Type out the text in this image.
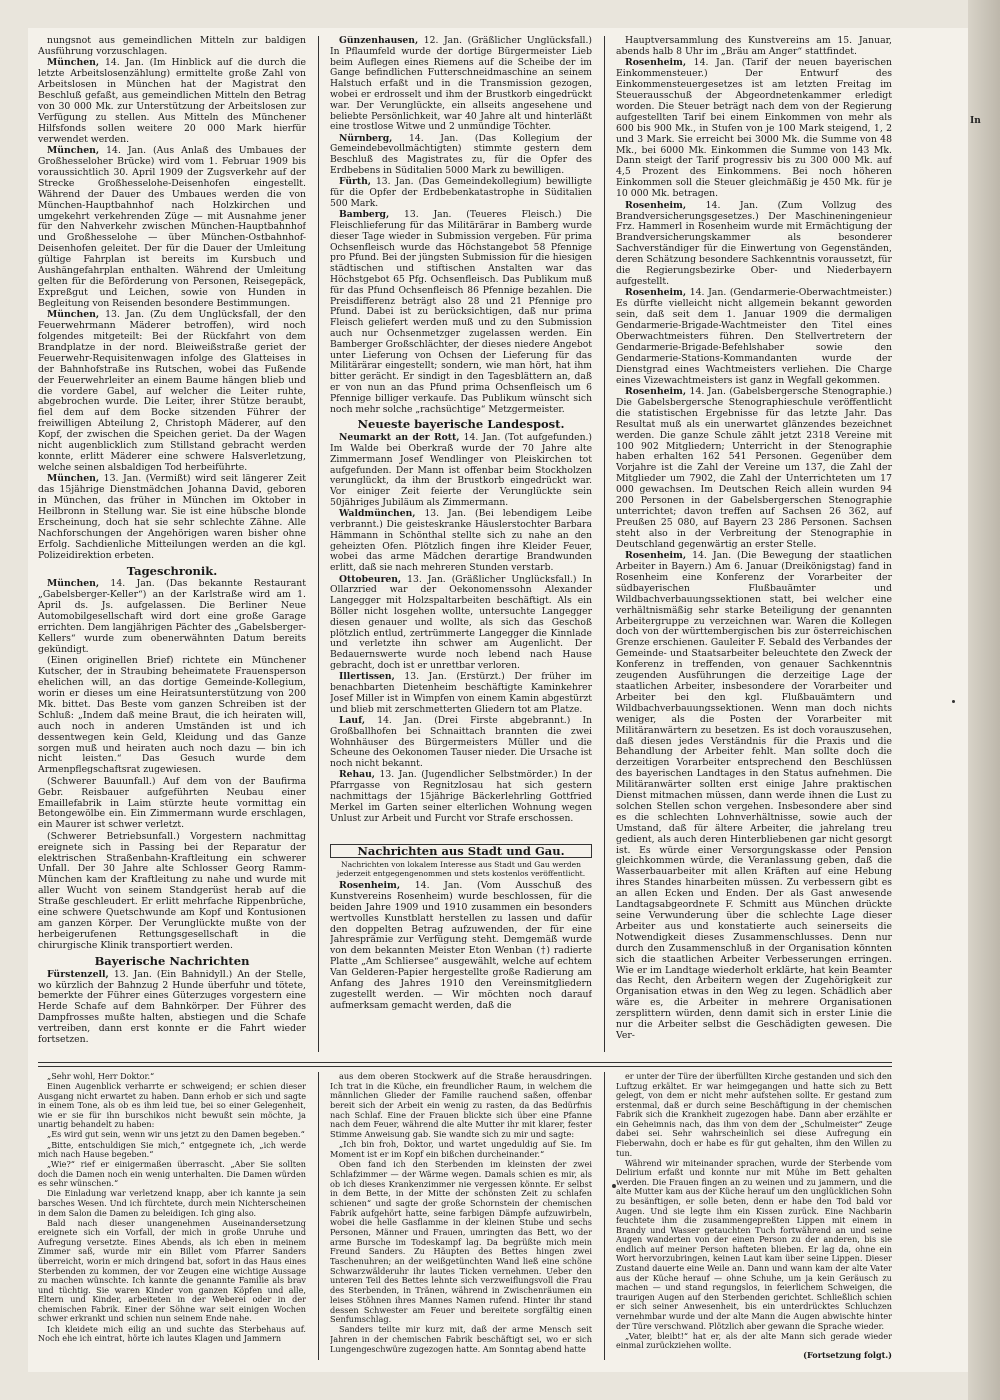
In

nungsnot aus gemeindlichen Mitteln zur baldigen Ausführung vorzuschlagen.

München, 14. Jan. (Im Hinblick auf die durch die letzte Arbeitslosenzählung) ermittelte große Zahl von Arbeitslosen in München hat der Magistrat den Beschluß gefaßt, aus gemeindlichen Mitteln den Betrag von 30 000 Mk. zur Unterstützung der Arbeitslosen zur Verfügung zu stellen. Aus Mitteln des Münchener Hilfsfonds sollen weitere 20 000 Mark hierfür verwendet werden.

München, 14. Jan. (Aus Anlaß des Umbaues der Großhesseloher Brücke) wird vom 1. Februar 1909 bis voraussichtlich 30. April 1909 der Zugsverkehr auf der Strecke Großhesselohe-Deisenhofen eingestellt. Während der Dauer des Umbaues werden die von München-Hauptbahnhof nach Holzkirchen und umgekehrt verkehrenden Züge — mit Ausnahme jener für den Nahverkehr zwischen München-Hauptbahnhof und Großhesselohe — über München-Ostbahnhof-Deisenhofen geleitet. Der für die Dauer der Umleitung gültige Fahrplan ist bereits im Kursbuch und Aushängefahrplan enthalten. Während der Umleitung gelten für die Beförderung von Personen, Reisegepäck, Expreßgut und Leichen, sowie von Hunden in Begleitung von Reisenden besondere Bestimmungen.

München, 13. Jan. (Zu dem Unglücksfall, der den Feuerwehrmann Mäderer betroffen), wird noch folgendes mitgeteilt: Bei der Rückfahrt von dem Brandplatze in der nord. Bleiweißstraße geriet der Feuerwehr-Requisitenwagen infolge des Glatteises in der Bahnhofstraße ins Rutschen, wobei das Fußende der Feuerwehrleiter an einem Baume hängen blieb und die vordere Gabel, auf welcher die Leiter ruhte, abgebrochen wurde. Die Leiter, ihrer Stütze beraubt, fiel dem auf dem Bocke sitzenden Führer der freiwilligen Abteilung 2, Christoph Mäderer, auf den Kopf, der zwischen die Speichen geriet. Da der Wagen nicht augenblicklich zum Stillstand gebracht werden konnte, erlitt Mäderer eine schwere Halsverletzung, welche seinen alsbaldigen Tod herbeiführte.

München, 13. Jan. (Vermißt) wird seit längerer Zeit das 15jährige Dienstmädchen Johanna David, geboren in München, das früher in München im Oktober in Heilbronn in Stellung war. Sie ist eine hübsche blonde Erscheinung, doch hat sie sehr schlechte Zähne. Alle Nachforschungen der Angehörigen waren bisher ohne Erfolg. Sachdienliche Mitteilungen werden an die kgl. Polizeidirektion erbeten.

Tageschronik.

München, 14. Jan. (Das bekannte Restaurant „Gabelsberger-Keller“) an der Karlstraße wird am 1. April ds. Js. aufgelassen. Die Berliner Neue Automobilgesellschaft wird dort eine große Garage errichten. Dem langjährigen Pächter des „Gabelsberger-Kellers“ wurde zum obenerwähnten Datum bereits gekündigt.

(Einen originellen Brief) richtete ein Münchener Kutscher, der in Straubing beheimatete Frauensperson ehelichen will, an das dortige Gemeinde-Kollegium, worin er dieses um eine Heiratsunterstützung von 200 Mk. bittet. Das Beste vom ganzen Schreiben ist der Schluß: „Indem daß meine Braut, die ich heiraten will, auch noch in anderen Umständen ist und ich dessentwegen kein Geld, Kleidung und das Ganze sorgen muß und heiraten auch noch dazu — bin ich nicht leisten.“ Das Gesuch wurde dem Armenpflegschaftsrat zugewiesen.

(Schwerer Bauunfall.) Auf dem von der Baufirma Gebr. Reisbauer aufgeführten Neubau einer Emaillefabrik in Laim stürzte heute vormittag ein Betongewölbe ein. Ein Zimmermann wurde erschlagen, ein Maurer ist schwer verletzt.

(Schwerer Betriebsunfall.) Vorgestern nachmittag ereignete sich in Passing bei der Reparatur der elektrischen Straßenbahn-Kraftleitung ein schwerer Unfall. Der 30 Jahre alte Schlosser Georg Ramm-München kam der Kraftleitung zu nahe und wurde mit aller Wucht von seinem Standgerüst herab auf die Straße geschleudert. Er erlitt mehrfache Rippenbrüche, eine schwere Quetschwunde am Kopf und Kontusionen am ganzen Körper. Der Verunglückte mußte von der herbeigerufenen Rettungsgesellschaft in die chirurgische Klinik transportiert werden.

Bayerische Nachrichten

Fürstenzell, 13. Jan. (Ein Bahnidyll.) An der Stelle, wo kürzlich der Bahnzug 2 Hunde überfuhr und tötete, bemerkte der Führer eines Güterzuges vorgestern eine Herde Schafe auf dem Bahnkörper. Der Führer des Dampfrosses mußte halten, abstiegen und die Schafe vertreiben, dann erst konnte er die Fahrt wieder fortsetzen.

Günzenhausen, 12. Jan. (Gräßlicher Unglücksfall.) In Pflaumfeld wurde der dortige Bürgermeister Lieb beim Auflegen eines Riemens auf die Scheibe der im Gange befindlichen Futterschneidmaschine an seinem Halstuch erfaßt und in die Transmission gezogen, wobei er erdrosselt und ihm der Brustkorb eingedrückt war. Der Verunglückte, ein allseits angesehene und beliebte Persönlichkeit, war 40 Jahre alt und hinterläßt eine trostlose Witwe und 2 unmündige Töchter.

Nürnberg, 14. Jan. (Das Kollegium der Gemeindebevollmächtigten) stimmte gestern dem Beschluß des Magistrates zu, für die Opfer des Erdbebens in Süditalien 5000 Mark zu bewilligen.

Fürth, 13. Jan. (Das Gemeindekollegium) bewilligte für die Opfer der Erdbebenkatastrophe in Süditalien 500 Mark.

Bamberg, 13. Jan. (Teueres Fleisch.) Die Fleischlieferung für das Militärärar in Bamberg wurde dieser Tage wieder in Submission vergeben. Für prima Ochsenfleisch wurde das Höchstangebot 58 Pfennige pro Pfund. Bei der jüngsten Submission für die hiesigen städtischen und stiftischen Anstalten war das Höchstgebot 65 Pfg. Ochsenfleisch. Das Publikum muß für das Pfund Ochsenfleisch 86 Pfennige bezahlen. Die Preisdifferenz beträgt also 28 und 21 Pfennige pro Pfund. Dabei ist zu berücksichtigen, daß nur prima Fleisch geliefert werden muß und zu den Submission auch nur Ochsenmetzger zugelassen werden. Ein Bamberger Großschlächter, der dieses niedere Angebot unter Lieferung von Ochsen der Lieferung für das Militärärar eingestellt; sondern, wie man hört, hat ihm bitter gerächt. Er sindigt in den Tagesblättern an, daß er von nun an das Pfund prima Ochsenfleisch um 6 Pfennige billiger verkaufe. Das Publikum wünscht sich noch mehr solche „rachsüchtige“ Metzgermeister.

Neueste bayerische Landespost.

Neumarkt an der Rott, 14. Jan. (Tot aufgefunden.) Im Walde bei Oberkraß wurde der 70 Jahre alte Zimmermann Josef Wendlinger von Pleiskirchen tot aufgefunden. Der Mann ist offenbar beim Stockholzen verunglückt, da ihm der Brustkorb eingedrückt war. Vor einiger Zeit feierte der Verunglückte sein 50jähriges Jubiläum als Zimmermann.

Waldmünchen, 13. Jan. (Bei lebendigem Leibe verbrannt.) Die geisteskranke Häuslerstochter Barbara Hämmann in Schönthal stellte sich zu nahe an den geheizten Ofen. Plötzlich fingen ihre Kleider Feuer, wobei das arme Mädchen derartige Brandwunden erlitt, daß sie nach mehreren Stunden verstarb.

Ottobeuren, 13. Jan. (Gräßlicher Unglücksfall.) In Ollarzried war der Oekonomenssohn Alexander Langegger mit Holzspaltarbeiten beschäftigt. Als ein Böller nicht losgehen wollte, untersuchte Langegger diesen genauer und wollte, als sich das Geschoß plötzlich entlud, zertrümmerte Langegger die Kinnlade und verletzte ihn schwer am Augenlicht. Der Bedauernswerte wurde noch lebend nach Hause gebracht, doch ist er unrettbar verloren.

Illertissen, 13. Jan. (Erstürzt.) Der früher im benachbarten Dietenheim beschäftigte Kaminkehrer Josef Miller ist in Wimpfen von einem Kamin abgestürzt und blieb mit zerschmetterten Gliedern tot am Platze.

Lauf, 14. Jan. (Drei Firste abgebrannt.) In Großballhofen bei Schnaittach brannten die zwei Wohnhäuser des Bürgermeisters Müller und die Scheune des Oekonomen Tauser nieder. Die Ursache ist noch nicht bekannt.

Rehau, 13. Jan. (Jugendlicher Selbstmörder.) In der Pfarrgasse von Regnitzlosau hat sich gestern nachmittags der 15jährige Bäckerlehrling Gottfried Merkel im Garten seiner elterlichen Wohnung wegen Unlust zur Arbeit und Furcht vor Strafe erschossen.

Nachrichten aus Stadt und Gau.
Nachrichten von lokalem Interesse aus Stadt und Gau werden jederzeit entgegengenommen und stets kostenlos veröffentlicht.

Rosenheim, 14. Jan. (Vom Ausschuß des Kunstvereins Rosenheim) wurde beschlossen, für die beiden Jahre 1909 und 1910 zusammen ein besonders wertvolles Kunstblatt herstellen zu lassen und dafür den doppelten Betrag aufzuwenden, der für eine Jahresprämie zur Verfügung steht. Demgemäß wurde von dem bekannten Meister Eton Wenban (†) radierte Platte „Am Schliersee“ ausgewählt, welche auf echtem Van Gelderen-Papier hergestellte große Radierung am Anfang des Jahres 1910 den Vereinsmitgliedern zugestellt werden. — Wir möchten noch darauf aufmerksam gemacht werden, daß die

Hauptversammlung des Kunstvereins am 15. Januar, abends halb 8 Uhr im „Bräu am Anger“ stattfindet.

Rosenheim, 14. Jan. (Tarif der neuen bayerischen Einkommensteuer.) Der Entwurf des Einkommensteuergesetzes ist am letzten Freitag im Steuerausschuß der Abgeordnetenkammer erledigt worden. Die Steuer beträgt nach dem von der Regierung aufgestellten Tarif bei einem Einkommen von mehr als 600 bis 900 Mk., in Stufen von je 100 Mark steigend, 1, 2 und 3 Mark. Sie erreicht bei 3000 Mk. die Summe von 48 Mk., bei 6000 Mk. Einkommen die Summe von 143 Mk. Dann steigt der Tarif progressiv bis zu 300 000 Mk. auf 4,5 Prozent des Einkommens. Bei noch höheren Einkommen soll die Steuer gleichmäßig je 450 Mk. für je 10 000 Mk. betragen.

Rosenheim, 14. Jan. (Zum Vollzug des Brandversicherungsgesetzes.) Der Maschineningenieur Frz. Hammerl in Rosenheim wurde mit Ermächtigung der Brandversicherungskammer als besonderer Sachverständiger für die Einwertung von Gegenständen, deren Schätzung besondere Sachkenntnis voraussetzt, für die Regierungsbezirke Ober- und Niederbayern aufgestellt.

Rosenheim, 14. Jan. (Gendarmerie-Oberwachtmeister.) Es dürfte vielleicht nicht allgemein bekannt geworden sein, daß seit dem 1. Januar 1909 die dermaligen Gendarmerie-Brigade-Wachtmeister den Titel eines Oberwachtmeisters führen. Den Stellvertretern der Gendarmerie-Brigade-Befehlshaber sowie den Gendarmerie-Stations-Kommandanten wurde der Dienstgrad eines Wachtmeisters verliehen. Die Charge eines Vizewachtmeisters ist ganz in Wegfall gekommen.

Rosenheim, 14. Jan. (Gabelsbergersche Stenographie.) Die Gabelsbergersche Stenographieschule veröffentlicht die statistischen Ergebnisse für das letzte Jahr. Das Resultat muß als ein unerwartet glänzendes bezeichnet werden. Die ganze Schule zählt jetzt 2318 Vereine mit 100 902 Mitgliedern; Unterricht in der Stenographie haben erhalten 162 541 Personen. Gegenüber dem Vorjahre ist die Zahl der Vereine um 137, die Zahl der Mitglieder um 7902, die Zahl der Unterrichteten um 17 000 gewachsen. Im Deutschen Reich allein wurden 94 200 Personen in der Gabelsbergerschen Stenographie unterrichtet; davon treffen auf Sachsen 26 362, auf Preußen 25 080, auf Bayern 23 286 Personen. Sachsen steht also in der Verbreitung der Stenographie in Deutschland gegenwärtig an erster Stelle.

Rosenheim, 14. Jan. (Die Bewegung der staatlichen Arbeiter in Bayern.) Am 6. Januar (Dreikönigstag) fand in Rosenheim eine Konferenz der Vorarbeiter der südbayerischen Flußbauämter und Wildbachverbauungssektionen statt, bei welcher eine verhältnismäßig sehr starke Beteiligung der genannten Arbeitergruppe zu verzeichnen war. Waren die Kollegen doch von der württembergischen bis zur österreichischen Grenze erschienen. Gauleiter F. Sebald des Verbandes der Gemeinde- und Staatsarbeiter beleuchtete den Zweck der Konferenz in treffenden, von genauer Sachkenntnis zeugenden Ausführungen die derzeitige Lage der staatlichen Arbeiter, insbesondere der Vorarbeiter und Arbeiter bei den kgl. Flußbauämtern und Wildbachverbauungssektionen. Wenn man doch nichts weniger, als die Posten der Vorarbeiter mit Militäranwärtern zu besetzen. Es ist doch vorauszusehen, daß diesen jedes Verständnis für die Praxis und die Behandlung der Arbeiter fehlt. Man sollte doch die derzeitigen Vorarbeiter entsprechend den Beschlüssen des bayerischen Landtages in den Status aufnehmen. Die Militäranwärter sollten erst einige Jahre praktischen Dienst mitmachen müssen, dann werde ihnen die Lust zu solchen Stellen schon vergehen. Insbesondere aber sind es die schlechten Lohnverhältnisse, sowie auch der Umstand, daß für ältere Arbeiter, die jahrelang treu gedient, als auch deren Hinterbliebenen gar nicht gesorgt ist. Es würde einer Versorgungskasse oder Pension gleichkommen würde, die Veranlassung geben, daß die Wasserbauarbeiter mit allen Kräften auf eine Hebung ihres Standes hinarbeiten müssen. Zu verbessern gibt es an allen Ecken und Enden. Der als Gast anwesende Landtagsabgeordnete F. Schmitt aus München drückte seine Verwunderung über die schlechte Lage dieser Arbeiter aus und konstatierte auch seinerseits die Notwendigkeit dieses Zusammenschlusses. Denn nur durch den Zusammenschluß in der Organisation könnten sich die staatlichen Arbeiter Verbesserungen erringen. Wie er im Landtage wiederholt erklärte, hat kein Beamter das Recht, den Arbeitern wegen der Zugehörigkeit zur Organisation etwas in den Weg zu legen. Schädlich aber wäre es, die Arbeiter in mehrere Organisationen zersplittern würden, denn damit sich in erster Linie die nur die Arbeiter selbst die Geschädigten gewesen. Die Ver-

„Sehr wohl, Herr Doktor.“

Einen Augenblick verharrte er schweigend; er schien dieser Ausgang nicht erwartet zu haben. Dann erhob er sich und sagte in einem Tone, als ob es ihm leid tue, bei so einer Gelegenheit, wie er sie für ihn burschikos nicht bewußt sein möchte, ja unartig behandelt zu haben:

„Es wird gut sein, wenn wir uns jetzt zu den Damen begeben.“

„Bitte, entschuldigen Sie mich,“ entgegnete ich, „ich werde mich nach Hause begeben.“

„Wie?“ rief er einigermaßen überrascht. „Aber Sie sollten doch die Damen noch ein wenig unterhalten. Die Damen würden es sehr wünschen.“

Die Einladung war verletzend knapp, aber ich kannte ja sein barsches Wesen. Und ich fürchtete, durch mein Nichterscheinen in dem Salon die Damen zu beleidigen. Ich ging also.

Bald nach dieser unangenehmen Auseinandersetzung ereignete sich ein Vorfall, der mich in große Unruhe und Aufregung versetzte. Eines Abends, als ich eben in meinem Zimmer saß, wurde mir ein Billet vom Pfarrer Sanders überreicht, worin er mich dringend bat, sofort in das Haus eines Sterbenden zu kommen, der vor Zeugen eine wichtige Aussage zu machen wünschte. Ich kannte die genannte Familie als brav und tüchtig. Sie waren Kinder von ganzen Köpfen und alle, Eltern und Kinder, arbeiteten in der Weberei oder in der chemischen Fabrik. Einer der Söhne war seit einigen Wochen schwer erkrankt und schien nun seinem Ende nahe.

Ich kleidete mich eilig an und suchte das Sterbehaus auf. Noch ehe ich eintrat, hörte ich lautes Klagen und Jammern

aus dem oberen Stockwerk auf die Straße herausdringen. Ich trat in die Küche, ein freundlicher Raum, in welchem die männlichen Glieder der Familie rauchend saßen, offenbar bereit sich der Arbeit ein wenig zu rasten, da das Bedürfnis nach Schlaf. Eine der Frauen blickte sich über eine Pfanne nach dem Feuer, während die alte Mutter ihr mit klarer, fester Stimme Anweisung gab. Sie wandte sich zu mir und sagte:

„Ich bin froh, Doktor, und wartet ungeduldig auf Sie. Im Moment ist er im Kopf ein bißchen durcheinander.“

Oben fand ich den Sterbenden im kleinsten der zwei Schlafzimmer — der Wärme wegen. Damals schien es mir, als ob ich dieses Krankenzimmer nie vergessen könnte. Er selbst in dem Bette, in der Mitte der schönsten Zeit zu schlafen schienen“ und sagte der große Schornstein der chemischen Fabrik aufgehört hatte, seine farbigen Dämpfe aufzuwirbeln, wobei die helle Gasflamme in der kleinen Stube und sechs Personen, Männer und Frauen, umringten das Bett, wo der arme Bursche im Todeskampf lag. Da begrüßte mich mein Freund Sanders. Zu Häupten des Bettes hingen zwei Taschenuhren; an der weißgetünchten Wand ließ eine schöne Schwarzwälderuhr ihr lautes Ticken vernehmen. Ueber den unteren Teil des Bettes lehnte sich verzweiflungsvoll die Frau des Sterbenden, in Tränen, während in Zwischenräumen ein leises Stöhnen ihres Mannes Namen rufend. Hinter ihr stand dessen Schwester am Feuer und bereitete sorgfältig einen Senfumschlag.

Sanders teilte mir kurz mit, daß der arme Mensch seit Jahren in der chemischen Fabrik beschäftigt sei, wo er sich Lungengeschwüre zugezogen hatte. Am Sonntag abend hatte

er unter der Türe der überfüllten Kirche gestanden und sich den Luftzug erkältet. Er war heimgegangen und hatte sich zu Bett gelegt, von dem er nicht mehr aufstehen sollte. Er gestand zum erstenmal, daß er durch seine Beschäftigung in der chemischen Fabrik sich die Krankheit zugezogen habe. Dann aber erzählte er ein Geheimnis nach, das ihm von dem der „Schulmeister“ Zeuge dabei sei. Sehr wahrscheinlich sei diese Aufregung ein Fieberwahn, doch er habe es für gut gehalten, ihm den Willen zu tun.

Während wir miteinander sprachen, wurde der Sterbende vom Delirium erfaßt und konnte nur mit Mühe im Bett gehalten werden. Die Frauen fingen an zu weinen und zu jammern, und die alte Mutter kam aus der Küche herauf um den unglücklichen Sohn zu besänftigen, er solle beten, denn er habe den Tod bald vor Augen. Und sie legte ihm ein Kissen zurück. Eine Nachbarin feuchtete ihm die zusammengepreßten Lippen mit einem in Brandy und Wasser getauchten Tuch fortwährend an und seine Augen wanderten von der einen Person zu der anderen, bis sie endlich auf meiner Person hafteten blieben. Er lag da, ohne ein Wort hervorzubringen, keinen Laut kam über seine Lippen. Dieser Zustand dauerte eine Weile an. Dann und wann kam der alte Vater aus der Küche herauf — ohne Schuhe, um ja kein Geräusch zu machen — und stand regungslos, in feierlichem Schweigen, die traurigen Augen auf den Sterbenden gerichtet. Schließlich schien er sich seiner Anwesenheit, bis ein unterdrücktes Schluchzen vernehmbar wurde und der alte Mann die Augen abwischte hinter der Türe verschwand. Plötzlich aber gewann die Sprache wieder.

„Vater, bleibt!“ hat er, als der alte Mann sich gerade wieder einmal zurückziehen wollte.

(Fortsetzung folgt.)
